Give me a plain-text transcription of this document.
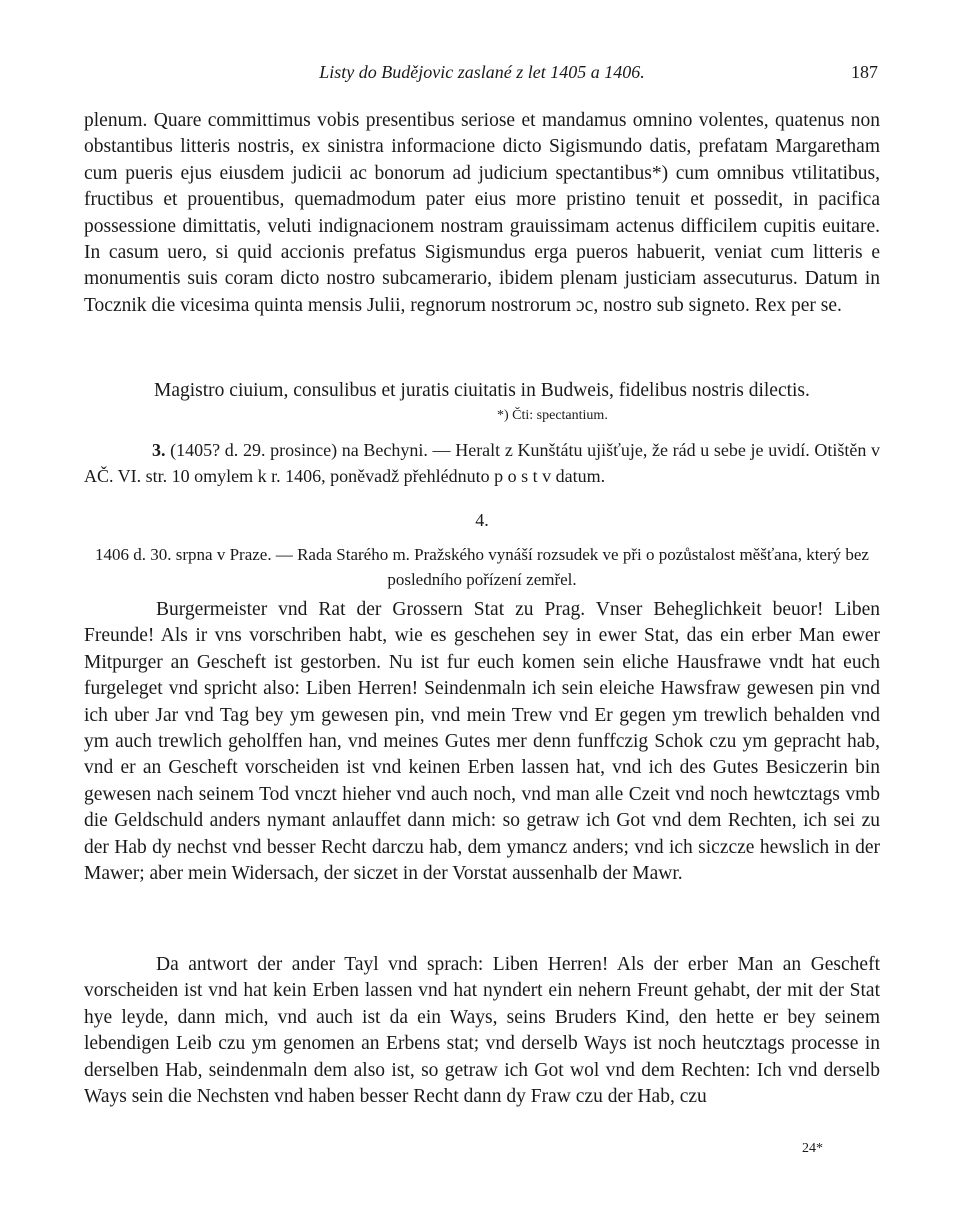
Listy do Budějovic zaslané z let 1405 a 1406.	187

plenum. Quare committimus vobis presentibus seriose et mandamus omnino volentes, quatenus non obstantibus litteris nostris, ex sinistra informacione dicto Sigismundo datis, prefatam Margaretham cum pueris ejus eiusdem judicii ac bonorum ad judicium spectantibus*) cum omnibus vtilitatibus, fructibus et prouentibus, quemadmodum pater eius more pristino tenuit et possedit, in pacifica possessione dimittatis, veluti indignacionem nostram grauissimam actenus difficilem cupitis euitare. In casum uero, si quid accionis prefatus Sigismundus erga pueros habuerit, veniat cum litteris e monumentis suis coram dicto nostro subcamerario, ibidem plenam justiciam assecuturus. Datum in Tocznik die vicesima quinta mensis Julii, regnorum nostrorum ɔc, nostro sub signeto. Rex per se.

Magistro ciuium, consulibus et juratis ciuitatis in Budweis, fidelibus nostris dilectis.

*) Čti: spectantium.

3. (1405? d. 29. prosince) na Bechyni. — Heralt z Kunštátu ujišťuje, že rád u sebe je uvidí. Otištěn v AČ. VI. str. 10 omylem k r. 1406, poněvadž přehlédnuto p o s t v datum.

4.

1406 d. 30. srpna v Praze. — Rada Starého m. Pražského vynáší rozsudek ve při o pozůstalost měšťana, který bez posledního pořízení zemřel.

Burgermeister vnd Rat der Grossern Stat zu Prag. Vnser Beheglichkeit beuor! Liben Freunde! Als ir vns vorschriben habt, wie es geschehen sey in ewer Stat, das ein erber Man ewer Mitpurger an Gescheft ist gestorben. Nu ist fur euch komen sein eliche Hausfrawe vndt hat euch furgeleget vnd spricht also: Liben Herren! Seindenmaln ich sein eleiche Hawsfraw gewesen pin vnd ich uber Jar vnd Tag bey ym gewesen pin, vnd mein Trew vnd Er gegen ym trewlich behalden vnd ym auch trewlich geholffen han, vnd meines Gutes mer denn funffczig Schok czu ym gepracht hab, vnd er an Gescheft vorscheiden ist vnd keinen Erben lassen hat, vnd ich des Gutes Besiczerin bin gewesen nach seinem Tod vnczt hieher vnd auch noch, vnd man alle Czeit vnd noch hewtcztags vmb die Geldschuld anders nymant anlauffet dann mich: so getraw ich Got vnd dem Rechten, ich sei zu der Hab dy nechst vnd besser Recht darczu hab, dem ymancz anders; vnd ich siczcze hewslich in der Mawer; aber mein Widersach, der siczet in der Vorstat aussenhalb der Mawr.

Da antwort der ander Tayl vnd sprach: Liben Herren! Als der erber Man an Gescheft vorscheiden ist vnd hat kein Erben lassen vnd hat nyndert ein nehern Freunt gehabt, der mit der Stat hye leyde, dann mich, vnd auch ist da ein Ways, seins Bruders Kind, den hette er bey seinem lebendigen Leib czu ym genomen an Erbens stat; vnd derselb Ways ist noch heutcztags processe in derselben Hab, seindenmaln dem also ist, so getraw ich Got wol vnd dem Rechten: Ich vnd derselb Ways sein die Nechsten vnd haben besser Recht dann dy Fraw czu der Hab, czu

24*
